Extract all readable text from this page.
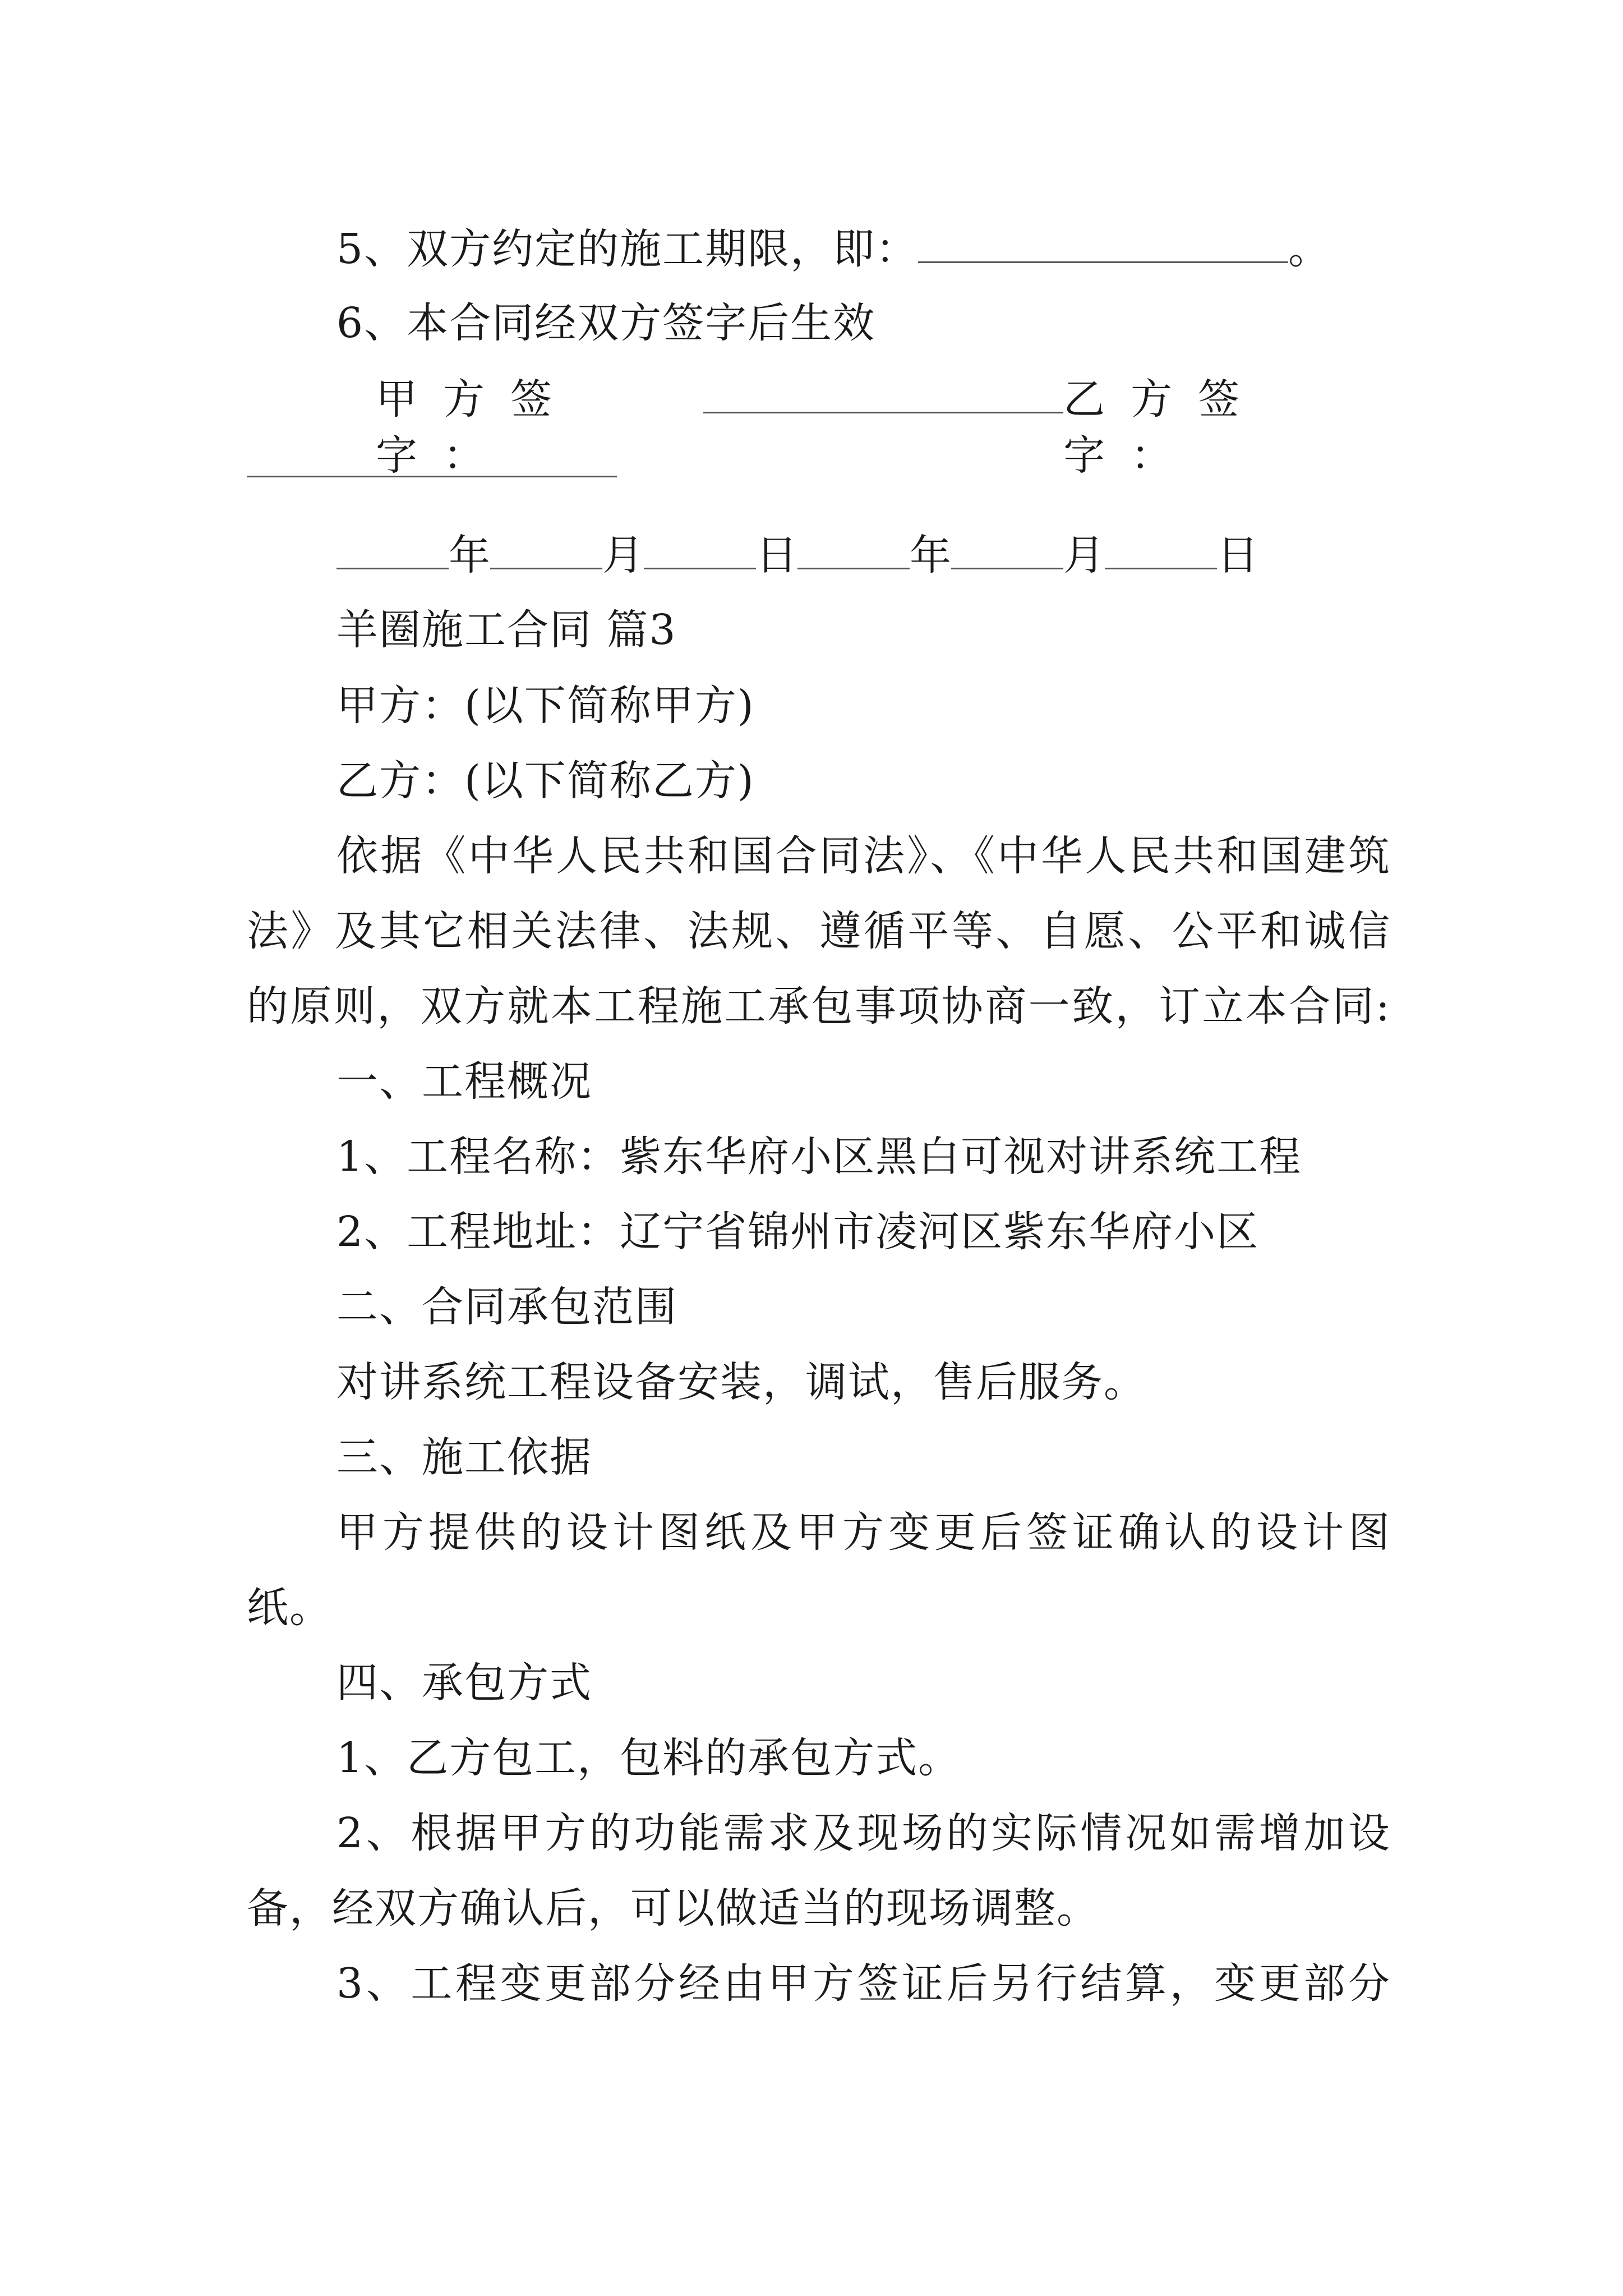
5、双方约定的施工期限，即：	。
6、本合同经双方签字后生效
甲方签字：
乙方签字：
年	月	日	年	月	日
羊圈施工合同 篇3
甲方：(以下简称甲方)
乙方：(以下简称乙方)
依据《中华人民共和国合同法》、《中华人民共和国建筑
法》及其它相关法律、法规、遵循平等、自愿、公平和诚信
的原则，双方就本工程施工承包事项协商一致，订立本合同:
一、工程概况
1、工程名称：紫东华府小区黑白可视对讲系统工程
2、工程地址：辽宁省锦州市凌河区紫东华府小区
二、合同承包范围
对讲系统工程设备安装，调试，售后服务。
三、施工依据
甲方提供的设计图纸及甲方变更后签证确认的设计图
纸。
四、承包方式
1、乙方包工，包料的承包方式。
2、根据甲方的功能需求及现场的实际情况如需增加设
备，经双方确认后，可以做适当的现场调整。
3、工程变更部分经由甲方签证后另行结算，变更部分
